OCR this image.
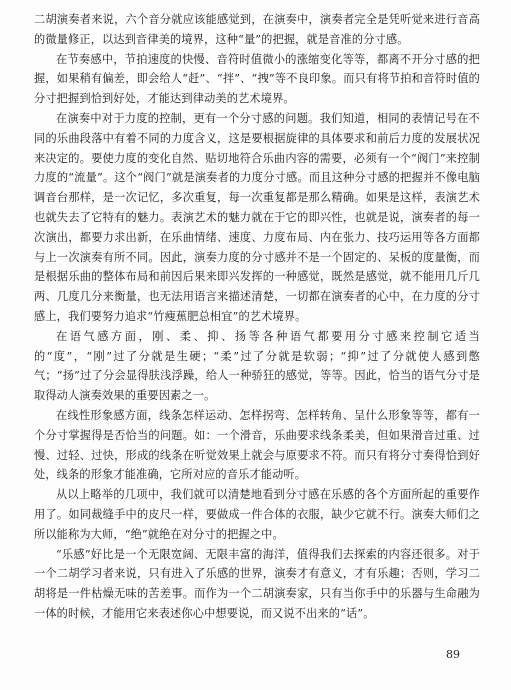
二胡演奏者来说，六个音分就应该能感觉到，在演奏中，演奏者完全是凭听觉来进行音高的微量修正，以达到音律美的境界，这种“量”的把握，就是音准的分寸感。

在节奏感中，节拍速度的快慢、音符时值微小的涨缩变化等等，都离不开分寸感的把握，如果稍有偏差，即会给人“赶”、“拌”、“拽”等不良印象。而只有将节拍和音符时值的分寸把握到恰到好处，才能达到律动美的艺术境界。

在演奏中对于力度的控制，更有一个分寸感的问题。我们知道，相同的表情记号在不同的乐曲段落中有着不同的力度含义，这是要根据旋律的具体要求和前后力度的发展状况来决定的。要使力度的变化自然、贴切地符合乐曲内容的需要，必须有一个“阀门”来控制力度的“流量”。这个“阀门”就是演奏者的力度分寸感。而且这种分寸感的把握并不像电脑调音台那样，是一次记忆，多次重复，每一次重复都是那么精确。如果是这样，表演艺术也就失去了它特有的魅力。表演艺术的魅力就在于它的即兴性，也就是说，演奏者的每一次演出，都要力求出新，在乐曲情绪、速度、力度布局、内在张力、技巧运用等各方面都与上一次演奏有所不同。因此，演奏力度的分寸感并不是一个固定的、呆板的度量衡，而是根据乐曲的整体布局和前因后果来即兴发挥的一种感觉，既然是感觉，就不能用几斤几两、几度几分来衡量，也无法用语言来描述清楚，一切都在演奏者的心中，在力度的分寸感上，我们要努力追求“竹瘦蕉肥总相宜”的艺术境界。

在语气感方面，刚、柔、抑、扬等各种语气都要用分寸感来控制它适当的“度”，“刚”过了分就是生硬；“柔”过了分就是软弱；“抑”过了分就使人感到憋气；“扬”过了分会显得肤浅浮躁，给人一种骄狂的感觉，等等。因此，恰当的语气分寸是取得动人演奏效果的重要因素之一。

在线性形象感方面，线条怎样运动、怎样拐弯、怎样转角、呈什么形象等等，都有一个分寸掌握得是否恰当的问题。如：一个滑音，乐曲要求线条柔美，但如果滑音过重、过慢、过轻、过快，形成的线条在听觉效果上就会与原要求不符。而只有将分寸奏得恰到好处，线条的形象才能准确，它所对应的音乐才能动听。

从以上略举的几项中，我们就可以清楚地看到分寸感在乐感的各个方面所起的重要作用了。如同裁缝手中的皮尺一样，要做成一件合体的衣服，缺少它就不行。演奏大师们之所以能称为大师，“绝”就绝在对分寸的把握之中。

“乐感”好比是一个无限宽阔、无限丰富的海洋，值得我们去探索的内容还很多。对于一个二胡学习者来说，只有进入了乐感的世界，演奏才有意义，才有乐趣；否则，学习二胡将是一件枯燥无味的苦差事。而作为一个二胡演奏家，只有当你手中的乐器与生命融为一体的时候，才能用它来表述你心中想要说，而又说不出来的“话”。

89
